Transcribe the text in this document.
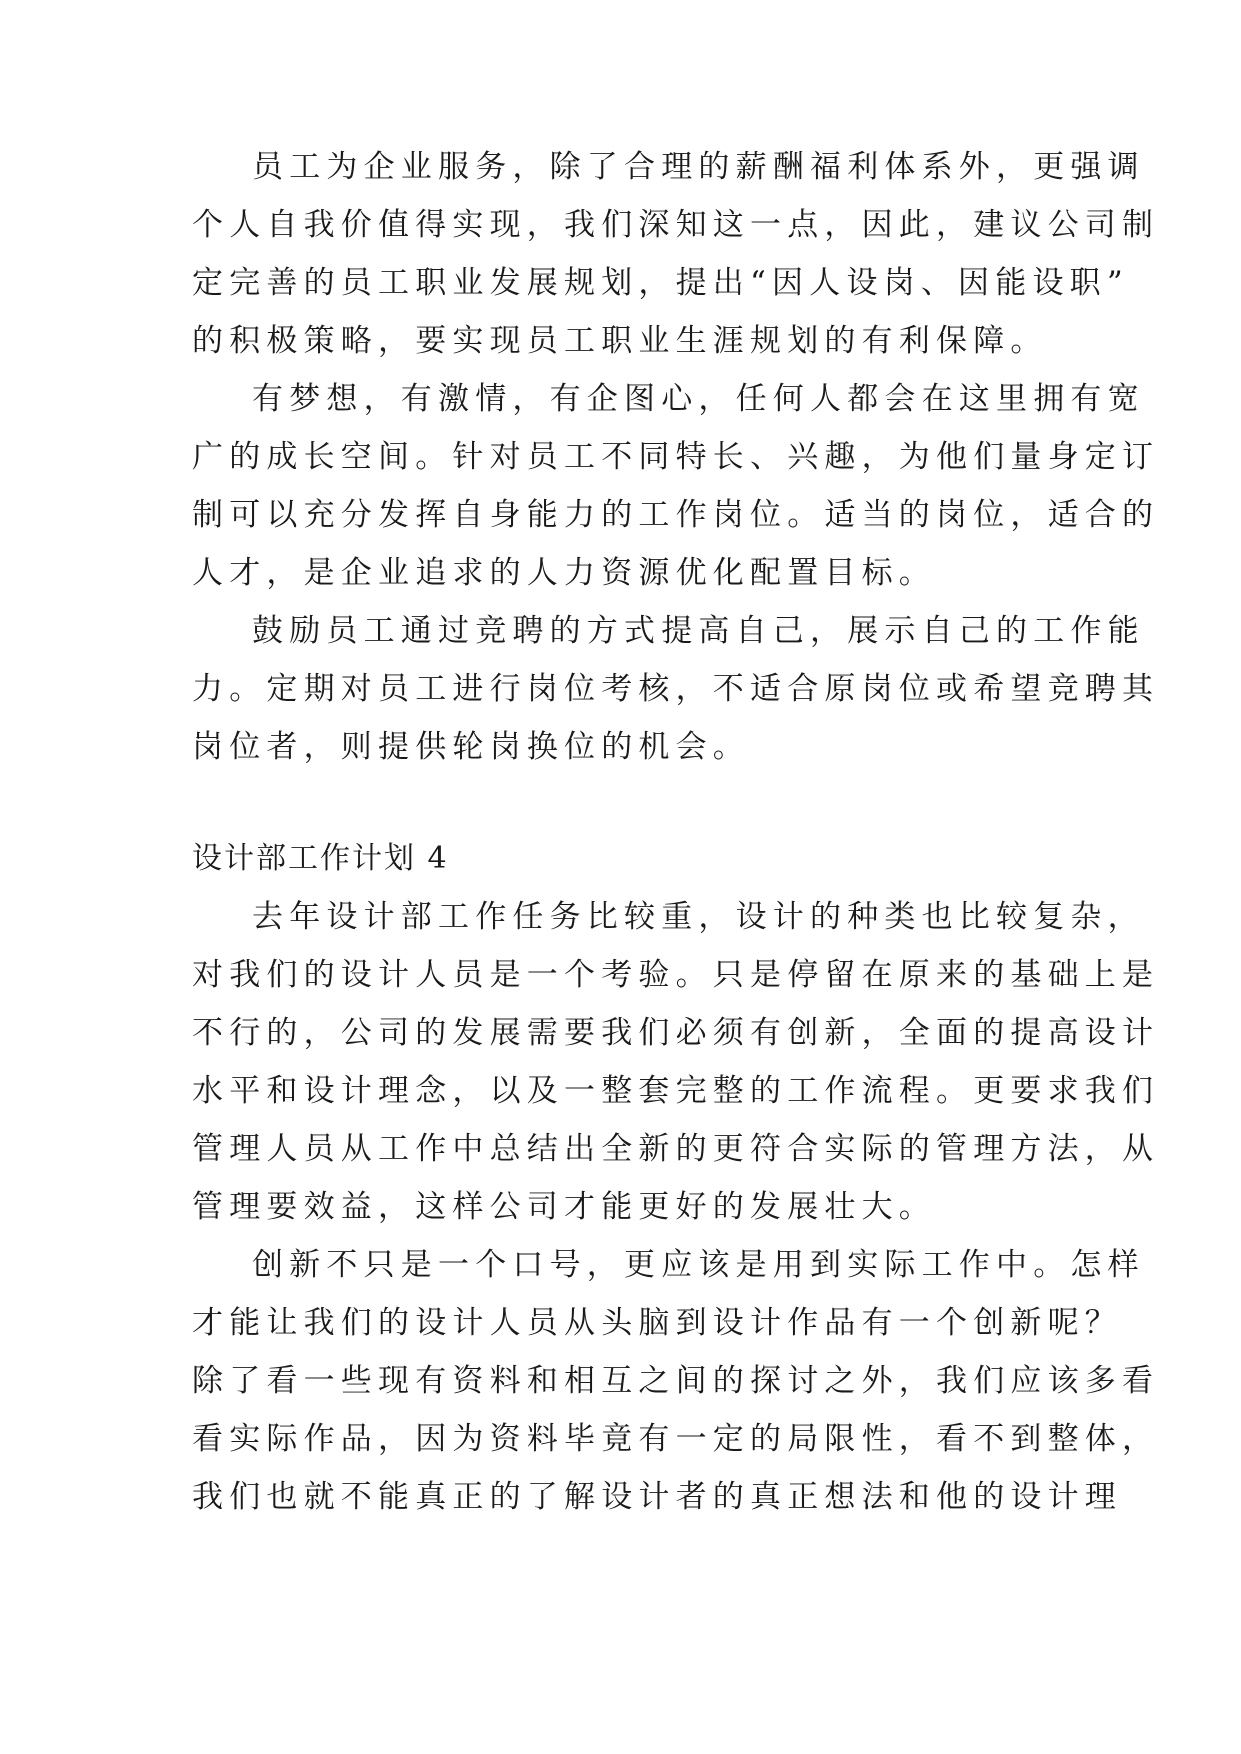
员工为企业服务，除了合理的薪酬福利体系外，更强调
个人自我价值得实现，我们深知这一点，因此，建议公司制
定完善的员工职业发展规划，提出“因人设岗、因能设职”
的积极策略，要实现员工职业生涯规划的有利保障。
有梦想，有激情，有企图心，任何人都会在这里拥有宽
广的成长空间。针对员工不同特长、兴趣，为他们量身定订
制可以充分发挥自身能力的工作岗位。适当的岗位，适合的
人才，是企业追求的人力资源优化配置目标。
鼓励员工通过竞聘的方式提高自己，展示自己的工作能
力。定期对员工进行岗位考核，不适合原岗位或希望竞聘其
岗位者，则提供轮岗换位的机会。
设计部工作计划 4
去年设计部工作任务比较重，设计的种类也比较复杂，
对我们的设计人员是一个考验。只是停留在原来的基础上是
不行的，公司的发展需要我们必须有创新，全面的提高设计
水平和设计理念，以及一整套完整的工作流程。更要求我们
管理人员从工作中总结出全新的更符合实际的管理方法，从
管理要效益，这样公司才能更好的发展壮大。
创新不只是一个口号，更应该是用到实际工作中。怎样
才能让我们的设计人员从头脑到设计作品有一个创新呢？
除了看一些现有资料和相互之间的探讨之外，我们应该多看
看实际作品，因为资料毕竟有一定的局限性，看不到整体，
我们也就不能真正的了解设计者的真正想法和他的设计理
